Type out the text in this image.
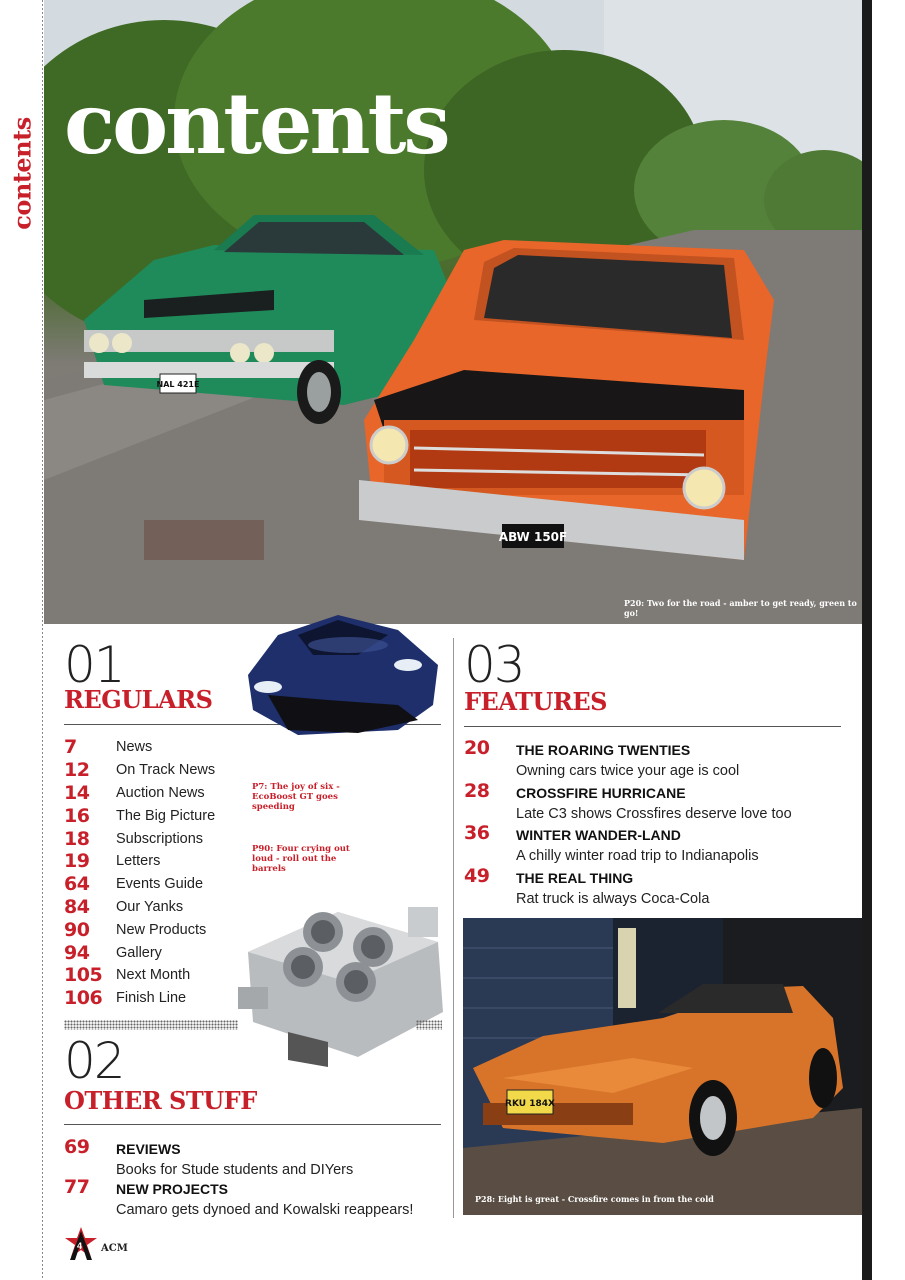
contents
NAL 421E
ABW 150F
contents
P20: Two for the road - amber to get ready, green to go!
01
REGULARS
7	News
12	On Track News
14	Auction News
16	The Big Picture
18	Subscriptions
19	Letters
64	Events Guide
84	Our Yanks
90	New Products
94	Gallery
105 Next Month
106 Finish Line
P7: The joy of six - EcoBoost GT goes speeding
P90: Four crying out loud - roll out the barrels
02
OTHER STUFF
69	REVIEWS
Books for Stude students and DIYers
77	NEW PROJECTS
Camaro gets dynoed and Kowalski reappears!
03
FEATURES
20	THE ROARING TWENTIES
Owning cars twice your age is cool
28	CROSSFIRE HURRICANE
Late C3 shows Crossfires deserve love too
36	WINTER WANDER-LAND
A chilly winter road trip to Indianapolis
49	THE REAL THING
Rat truck is always Coca-Cola
RKU 184X
P28: Eight is great - Crossfire comes in from the cold
4 ACM
